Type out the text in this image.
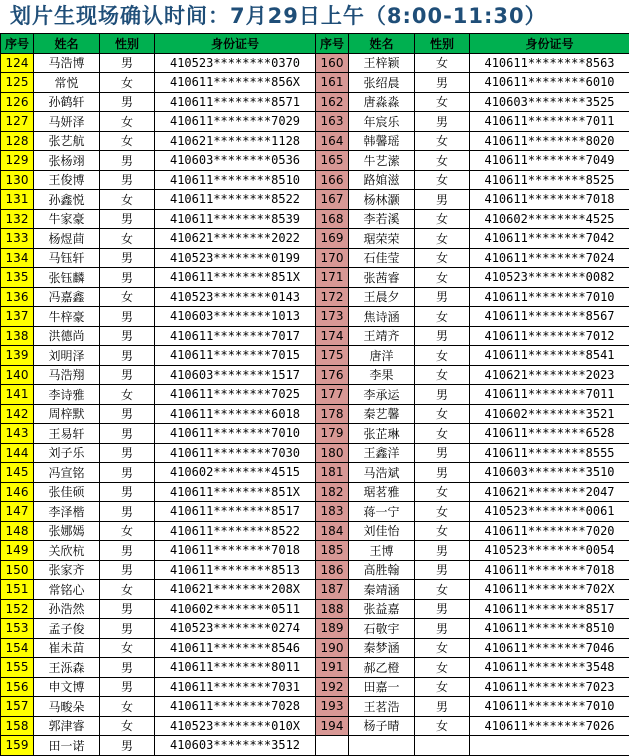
划片生现场确认时间：7月29日上午（8:00-11:30）
序号	姓名	性别	身份证号	序号	姓名	性别	身份证号
124	马浩博	男	410523********0370	160	王梓颖	女	410611********8563
125	常悦	女	410611********856X	161	张绍晨	男	410611********6010
126	孙鹤轩	男	410611********8571	162	唐淼淼	女	410603********3525
127	马妍泽	女	410611********7029	163	年宸乐	男	410611********7011
128	张艺航	女	410621********1128	164	韩馨瑶	女	410611********8020
129	张杨翊	男	410603********0536	165	牛艺潆	女	410611********7049
130	王俊博	男	410611********8510	166	路婠滋	女	410611********8525
131	孙鑫悦	女	410611********8522	167	杨林灏	男	410611********7018
132	牛家豪	男	410611********8539	168	李若溪	女	410602********4525
133	杨煜茴	女	410621********2022	169	琚荣荣	女	410611********7042
134	马钰轩	男	410523********0199	170	石佳莹	女	410611********7024
135	张钰麟	男	410611********851X	171	张茜睿	女	410523********0082
136	冯嘉鑫	女	410523********0143	172	王晨夕	男	410611********7010
137	牛梓豪	男	410603********1013	173	焦诗涵	女	410611********8567
138	洪德尚	男	410611********7017	174	王靖齐	男	410611********7012
139	刘明泽	男	410611********7015	175	唐洋	女	410611********8541
140	马浩翔	男	410603********1517	176	李果	女	410621********2023
141	李诗雅	女	410611********7025	177	李承运	男	410611********7011
142	周梓默	男	410611********6018	178	秦艺馨	女	410602********3521
143	王易轩	男	410611********7010	179	张芷琳	女	410611********6528
144	刘子乐	男	410611********7030	180	王鑫洋	男	410611********8555
145	冯宣铭	男	410602********4515	181	马浩斌	男	410603********3510
146	张佳硕	男	410611********851X	182	琚茗雅	女	410621********2047
147	李泽楷	男	410611********8517	183	蒋一宁	女	410523********0061
148	张娜嫣	女	410611********8522	184	刘佳怡	女	410611********7020
149	关欣杭	男	410611********7018	185	王博	男	410523********0054
150	张家齐	男	410611********8513	186	高胜翰	男	410611********7018
151	常铭心	女	410621********208X	187	秦靖涵	女	410611********702X
152	孙浩然	男	410602********0511	188	张益嘉	男	410611********8517
153	孟子俊	男	410523********0274	189	石敬宇	男	410611********8510
154	崔未苗	女	410611********8546	190	秦梦涵	女	410611********7046
155	王泺森	男	410611********8011	191	郝乙橙	女	410611********3548
156	申文博	男	410611********7031	192	田嘉一	女	410611********7023
157	马畯朵	女	410611********7028	193	王茗浩	男	410611********7010
158	郭津睿	女	410523********010X	194	杨子晴	女	410611********7026
159	田一诺	男	410603********3512				
